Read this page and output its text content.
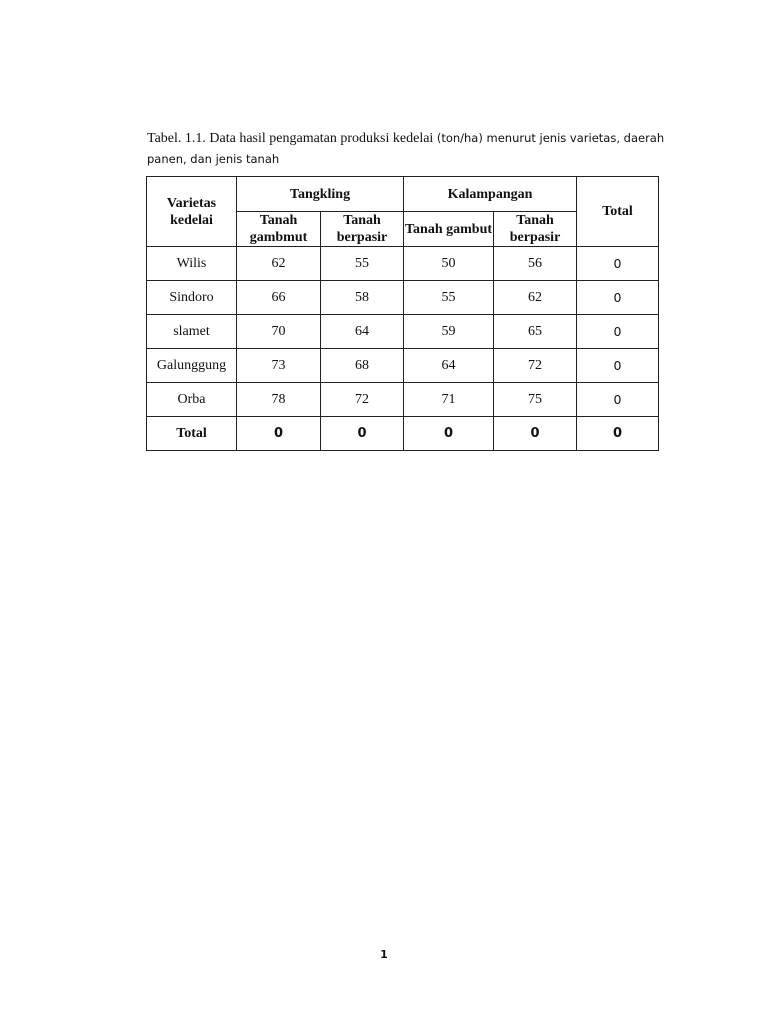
Tabel. 1.1. Data hasil pengamatan produksi kedelai (ton/ha) menurut jenis varietas, daerah panen, dan jenis tanah
Varietas kedelai	Tangkling		Kalampangan		Total
	Tanah gambmut	Tanah berpasir	Tanah gambut	Tanah berpasir	
Wilis	62	55	50	56	0
Sindoro	66	58	55	62	0
slamet	70	64	59	65	0
Galunggung	73	68	64	72	0
Orba	78	72	71	75	0
Total	0	0	0	0	0
1
